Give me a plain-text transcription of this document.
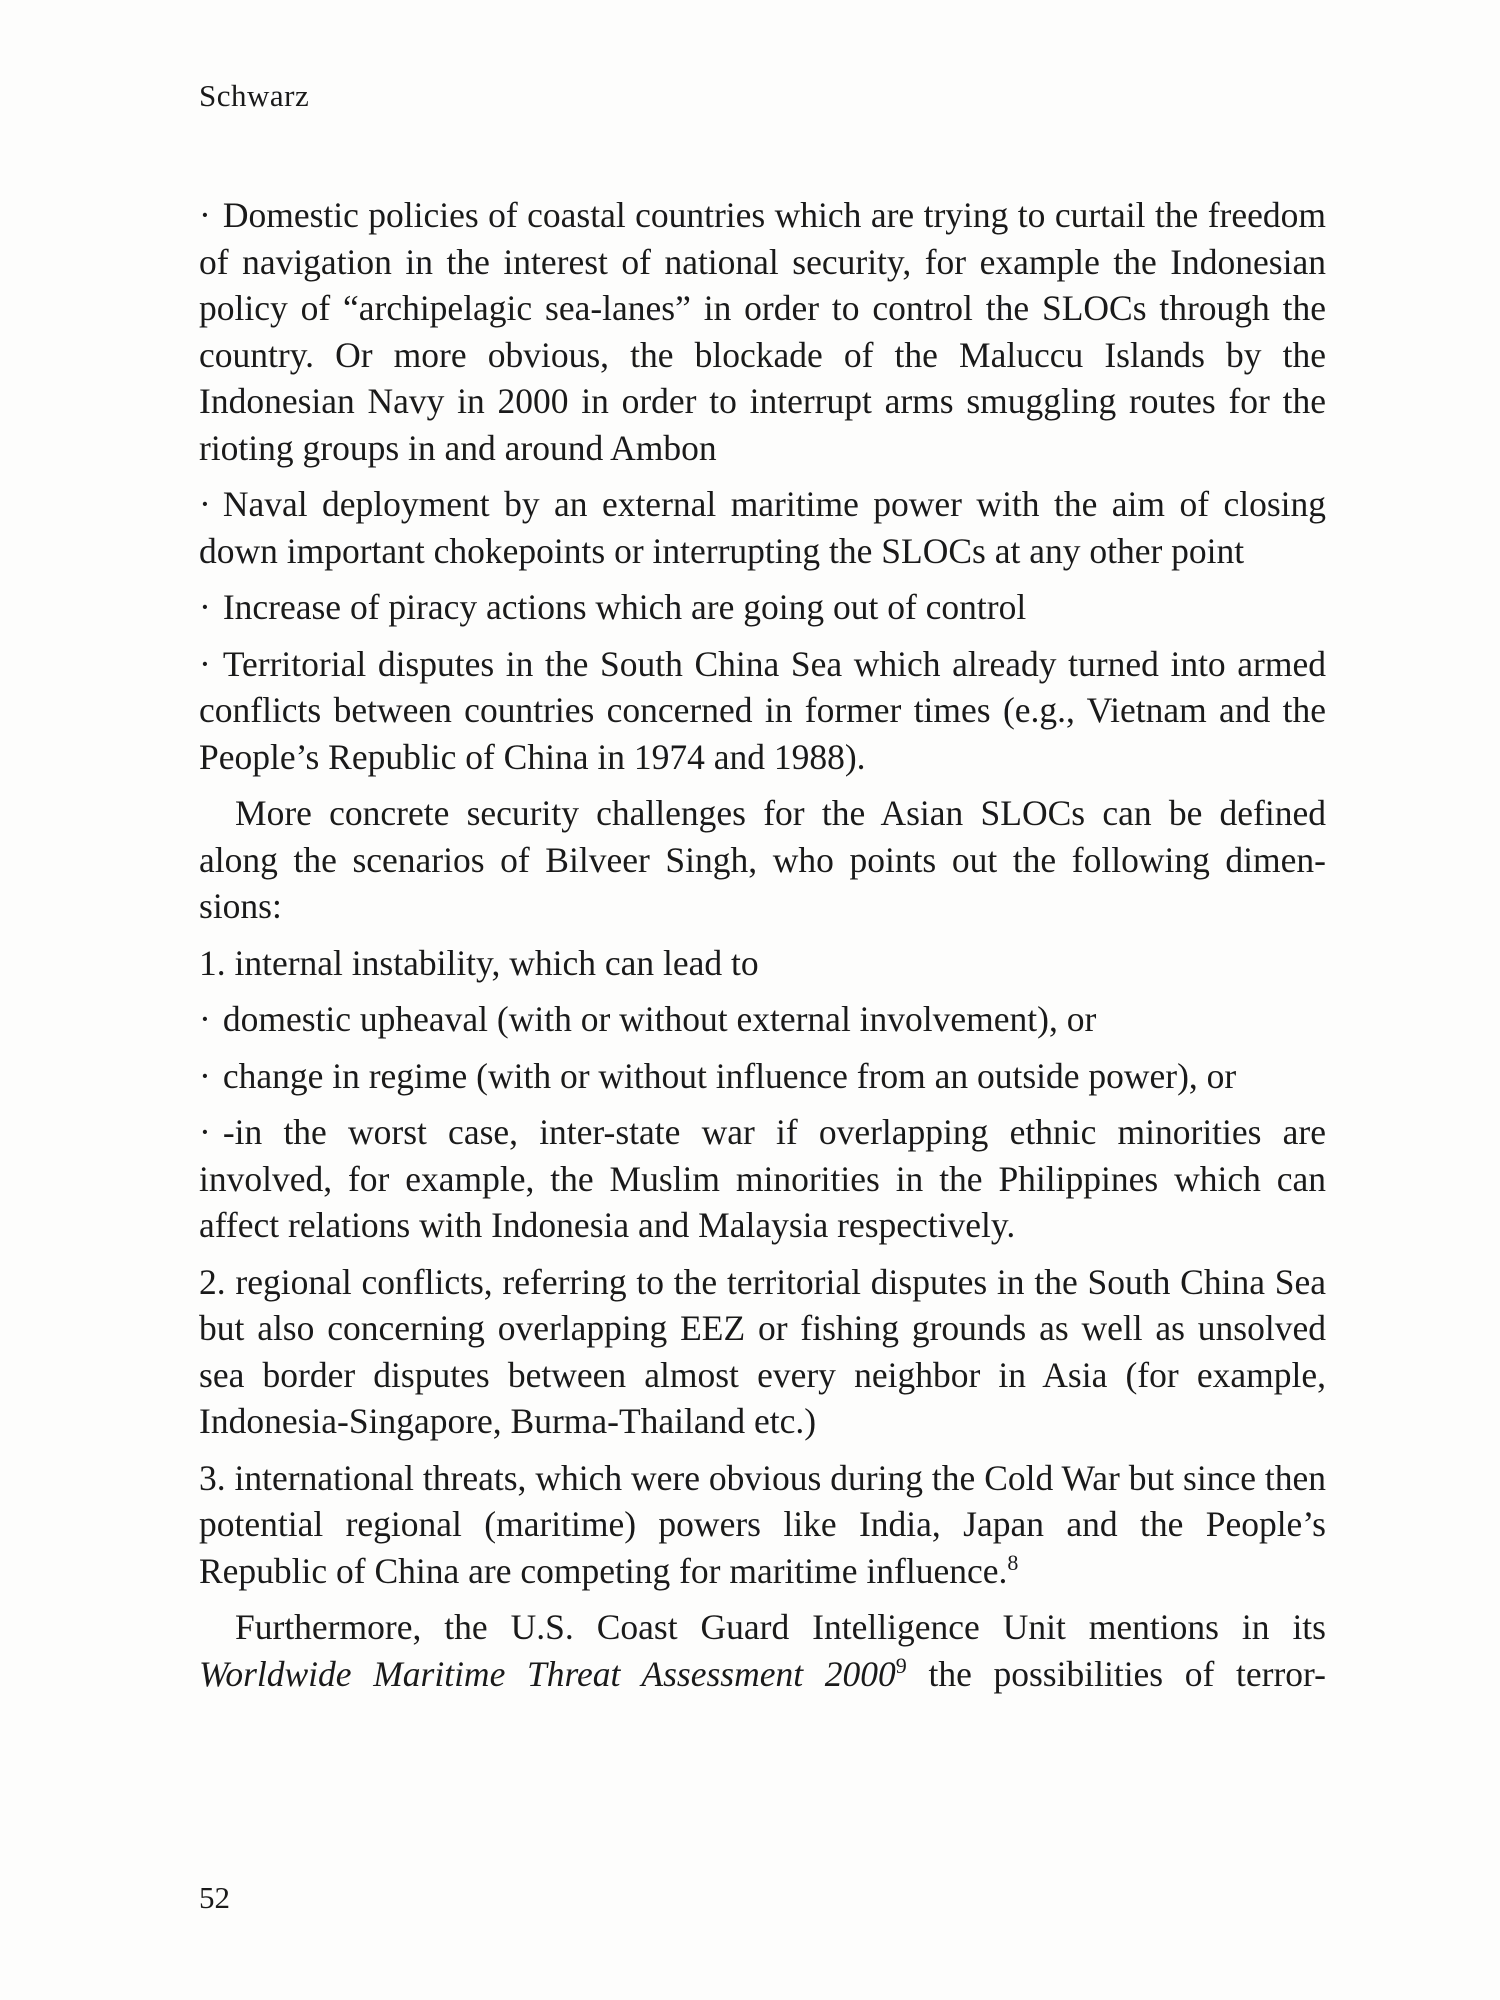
Schwarz

· Domestic policies of coastal countries which are trying to curtail the freedom of navigation in the interest of national security, for example the Indonesian policy of “archipelagic sea-lanes” in order to control the SLOCs through the country. Or more obvious, the blockade of the Maluccu Islands by the Indonesian Navy in 2000 in order to interrupt arms smuggling routes for the rioting groups in and around Ambon

· Naval deployment by an external maritime power with the aim of closing down important chokepoints or interrupting the SLOCs at any other point

· Increase of piracy actions which are going out of control

· Territorial disputes in the South China Sea which already turned into armed conflicts between countries concerned in former times (e.g., Vietnam and the People’s Republic of China in 1974 and 1988).

More concrete security challenges for the Asian SLOCs can be defined along the scenarios of Bilveer Singh, who points out the following dimen-sions:

1. internal instability, which can lead to

· domestic upheaval (with or without external involvement), or

· change in regime (with or without influence from an outside power), or

· -in the worst case, inter-state war if overlapping ethnic minorities are involved, for example, the Muslim minorities in the Philippines which can affect relations with Indonesia and Malaysia respectively.

2. regional conflicts, referring to the territorial disputes in the South China Sea but also concerning overlapping EEZ or fishing grounds as well as unsolved sea border disputes between almost every neighbor in Asia (for example, Indonesia-Singapore, Burma-Thailand etc.)

3. international threats, which were obvious during the Cold War but since then potential regional (maritime) powers like India, Japan and the People’s Republic of China are competing for maritime influence.$^8$

Furthermore, the U.S. Coast Guard Intelligence Unit mentions in its Worldwide Maritime Threat Assessment 2000$^9$ the possibilities of terror-

52
